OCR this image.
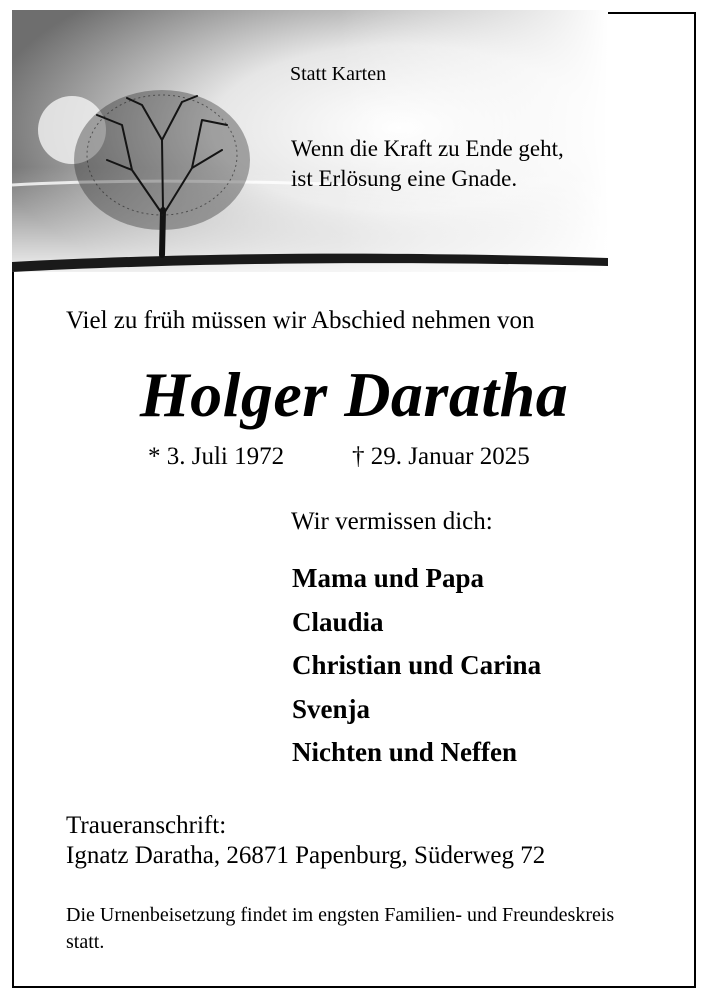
Statt Karten
Wenn die Kraft zu Ende geht,
ist Erlösung eine Gnade.
Viel zu früh müssen wir Abschied nehmen von
Holger Daratha
* 3. Juli 1972	† 29. Januar 2025
Wir vermissen dich:
Mama und Papa
Claudia
Christian und Carina
Svenja
Nichten und Neffen
Traueranschrift:
Ignatz Daratha, 26871 Papenburg, Süderweg 72
Die Urnenbeisetzung findet im engsten Familien- und Freundeskreis statt.
